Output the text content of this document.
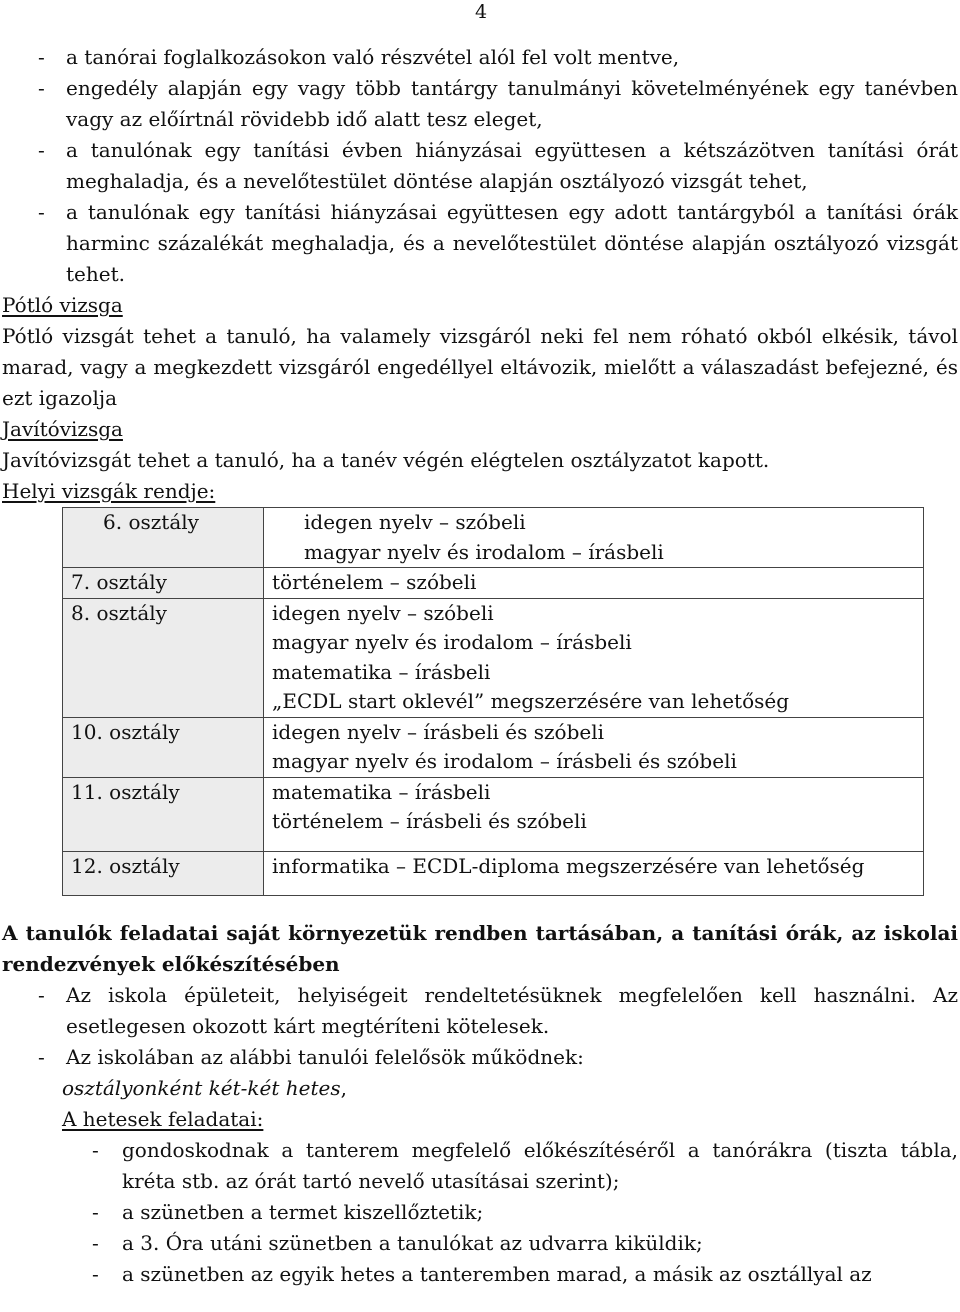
4
- a tanórai foglalkozásokon való részvétel alól fel volt mentve,
- engedély alapján egy vagy több tantárgy tanulmányi követelményének egy tanévben vagy az előírtnál rövidebb idő alatt tesz eleget,
- a tanulónak egy tanítási évben hiányzásai együttesen a kétszázötven tanítási órát meghaladja, és a nevelőtestület döntése alapján osztályozó vizsgát tehet,
- a tanulónak egy tanítási hiányzásai együttesen egy adott tantárgyból a tanítási órák harminc százalékát meghaladja, és a nevelőtestület döntése alapján osztályozó vizsgát tehet.
Pótló vizsga
Pótló vizsgát tehet a tanuló, ha valamely vizsgáról neki fel nem róható okból elkésik, távol marad, vagy a megkezdett vizsgáról engedéllyel eltávozik, mielőtt a válaszadást befejezné, és ezt igazolja
Javítóvizsga
Javítóvizsgát tehet a tanuló, ha a tanév végén elégtelen osztályzatot kapott.
Helyi vizsgák rendje:
6. osztály	idegen nyelv – szóbeli
magyar nyelv és irodalom – írásbeli

7. osztály	történelem – szóbeli

8. osztály	idegen nyelv – szóbeli
magyar nyelv és irodalom – írásbeli
matematika – írásbeli
„ECDL start oklevél” megszerzésére van lehetőség

10. osztály	idegen nyelv – írásbeli és szóbeli
magyar nyelv és irodalom – írásbeli és szóbeli

11. osztály	matematika – írásbeli
történelem – írásbeli és szóbeli

12. osztály	informatika – ECDL-diploma megszerzésére van lehetőség
A tanulók feladatai saját környezetük rendben tartásában, a tanítási órák, az iskolai rendezvények előkészítésében
- Az iskola épületeit, helyiségeit rendeltetésüknek megfelelően kell használni. Az esetlegesen okozott kárt megtéríteni kötelesek.
- Az iskolában az alábbi tanulói felelősök működnek:
osztályonként két-két hetes,
A hetesek feladatai:
- gondoskodnak a tanterem megfelelő előkészítéséről a tanórákra (tiszta tábla, kréta stb. az órát tartó nevelő utasításai szerint);
- a szünetben a termet kiszellőztetik;
- a 3. Óra utáni szünetben a tanulókat az udvarra kiküldik;
- a szünetben az egyik hetes a tanteremben marad, a másik az osztállyal az
